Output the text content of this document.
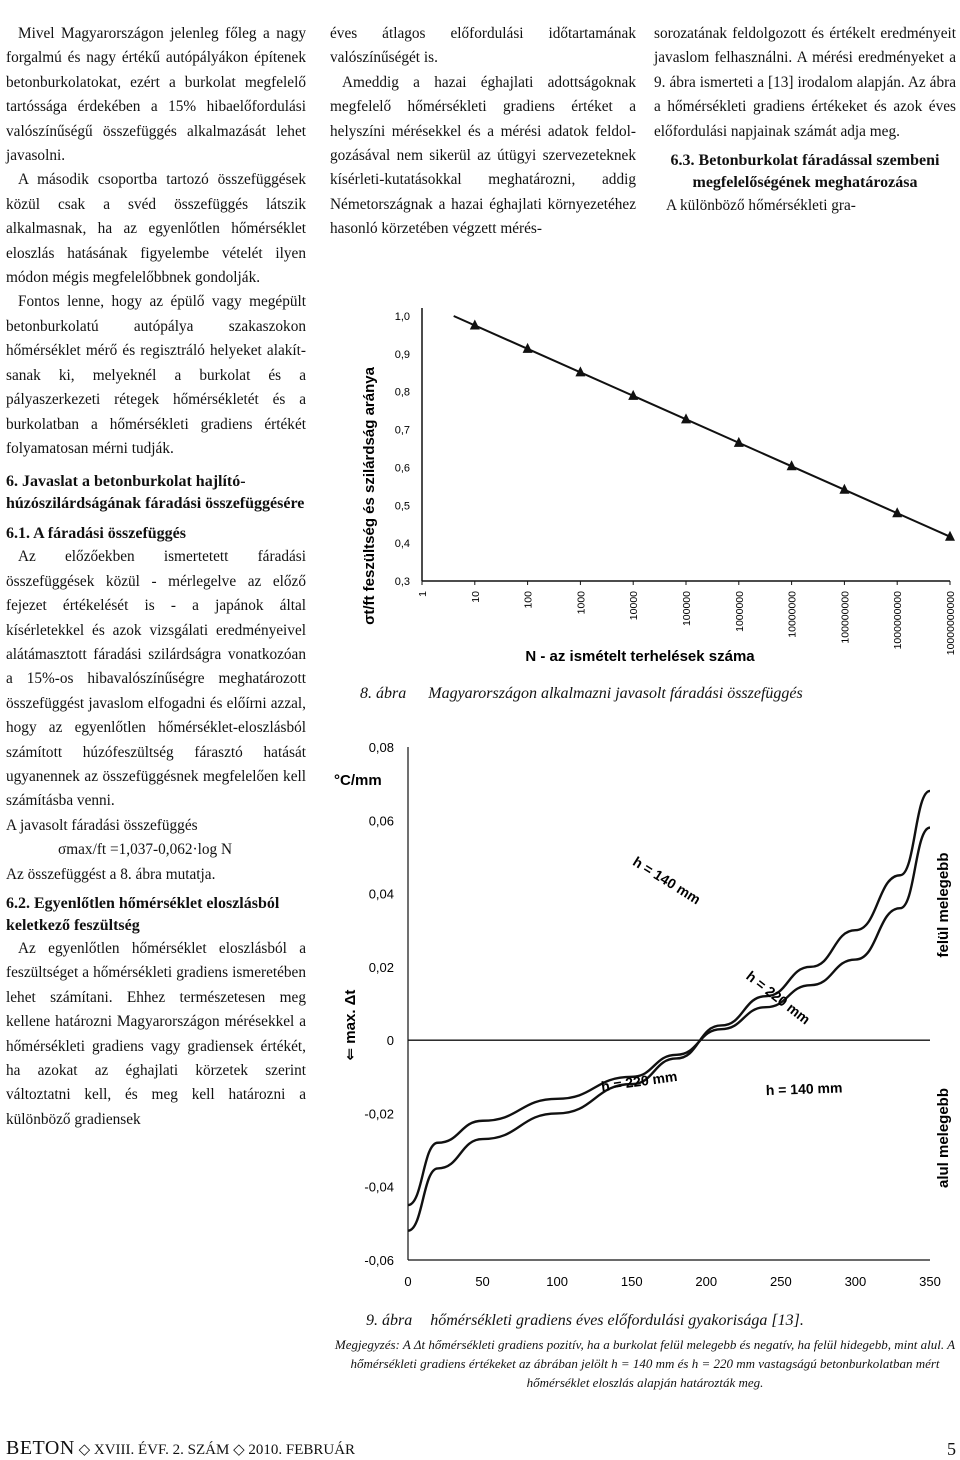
Mivel Magyarországon jelenleg főleg a nagy forgalmú és nagy értékű autópályákon építenek betonburkolatokat, ezért a burkolat megfelelő tartóssága érdekében a 15% hibaelőfordulási valószínűségű összefüggés alkalmazását lehet javasolni.

A második csoportba tartozó összefüggések közül csak a svéd összefüggés látszik alkalmasnak, ha az egyenlőtlen hőmérséklet eloszlás hatásának figyelembe vételét ilyen módon mégis megfelelőbbnek gondolják.

Fontos lenne, hogy az épülő vagy megépült betonburkolatú autópálya szakaszokon hőmérséklet mérő és regisztráló helyeket alakítsanak ki, melyeknél a burkolat és a pályaszerkezeti rétegek hőmérsékletét és a burkolatban a hőmérsékleti gradiens értékét folyamatosan mérni tudják.

6. Javaslat a betonburkolat hajlító-húzószilárdságának fáradási összefüggésére
6.1. A fáradási összefüggés

Az előzőekben ismertetett fáradási összefüggések közül - mérlegelve az előző fejezet értékelését is - a japánok által kísérletekkel és azok vizsgálati eredményeivel alátámasztott fáradási szilárdságra vonatkozóan a 15%-os hibavalószínűségre meghatározott összefüggést javaslom elfogadni és előírni azzal, hogy az egyenlőtlen hőmérséklet-eloszlásból számított húzófeszültség fárasztó hatását ugyanennek az összefüggésnek megfelelően kell számításba venni.

A javasolt fáradási összefüggés

σmax/ft =1,037-0,062·log N

Az összefüggést a 8. ábra mutatja.

6.2. Egyenlőtlen hőmérséklet eloszlásból keletkező feszültség

Az egyenlőtlen hőmérséklet eloszlásból a feszültséget a hőmérsékleti gradiens ismeretében lehet számítani. Ehhez természetesen meg kellene határozni Magyarországon mérésekkel a hőmérsékleti gradiens vagy gradiensek értékét, ha azokat az éghajlati körzetek szerint változtatni kell, és meg kell határozni a különböző gradiensek

éves átlagos előfordulási időtartamának valószínűségét is.

Ameddig a hazai éghajlati adottságoknak megfelelő hőmérsékleti gradiens értéket a helyszíni mérésekkel és a mérési adatok feldolgozásával nem sikerül az útügyi szervezeteknek kísérleti-kutatásokkal meghatározni, addig Németországnak a hazai éghajlati környezetéhez hasonló körzetében végzett mérés-

sorozatának feldolgozott és értékelt eredményeit javaslom felhasználni. A mérési eredményeket a 9. ábra ismerteti a [13] irodalom alapján. Az ábra a hőmérsékleti gradiens értékeket és azok éves előfordulási napjainak számát adja meg.

6.3. Betonburkolat fáradással szembeni megfelelőségének meghatározása

A különböző hőmérsékleti gra-

1,0
0,9
0,8
0,7
0,6
0,5
0,4
0,3
1	10	100	1000	10000	100000	1000000	10000000	100000000	1000000000	10000000000
σt/ft feszültség és szilárdság aránya
N - az ismételt terhelések száma
8. ábra Magyarországon alkalmazni javasolt fáradási összefüggés
0,08
0,06
0,04
0,02
0
-0,02
-0,04
-0,06
0	50	100	150	200	250	300	350
h = 140 mm
h = 220 mm
h = 220 mm	h = 140 mm
°C/mm
⇐ max. Δt
felül melegebb
alul melegebb
9. ábra hőmérsékleti gradiens éves előfordulási gyakorisága [13].
Megjegyzés: A Δt hőmérsékleti gradiens pozitív, ha a burkolat felül melegebb és negatív, ha felül hidegebb, mint alul. A hőmérsékleti gradiens értékeket az ábrában jelölt h = 140 mm és h = 220 mm vastagságú betonburkolatban mért hőmérséklet eloszlás alapján határozták meg.
BETON ◇ XVIII. ÉVF. 2. SZÁM ◇ 2010. FEBRUÁR	5
